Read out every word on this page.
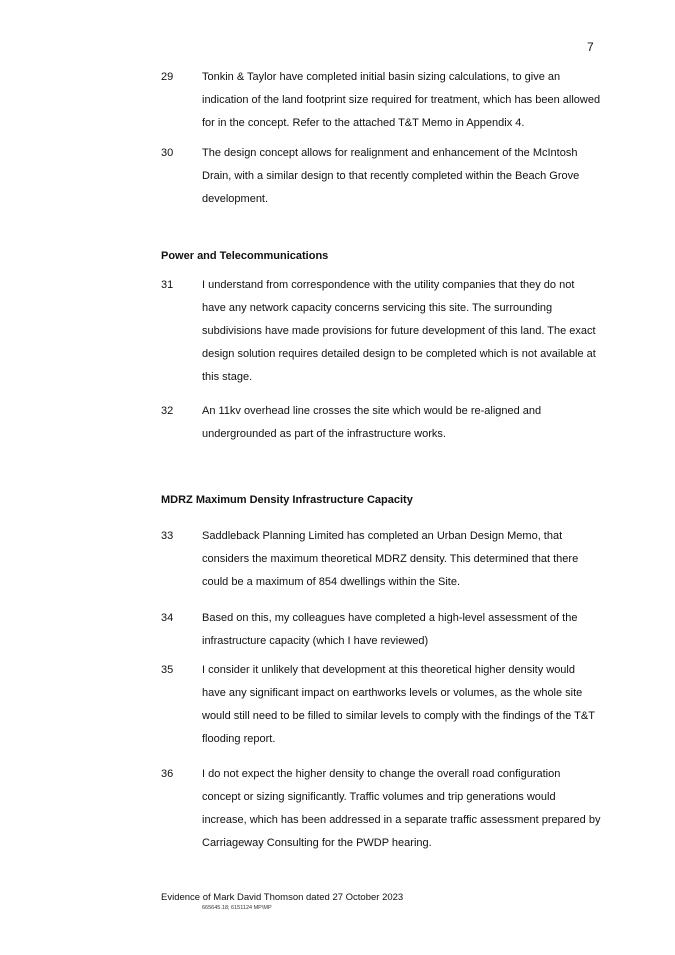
7
29	Tonkin & Taylor have completed initial basin sizing calculations, to give an indication of the land footprint size required for treatment, which has been allowed for in the concept. Refer to the attached T&T Memo in Appendix 4.
30	The design concept allows for realignment and enhancement of the McIntosh Drain, with a similar design to that recently completed within the Beach Grove development.
Power and Telecommunications
31	I understand from correspondence with the utility companies that they do not have any network capacity concerns servicing this site. The surrounding subdivisions have made provisions for future development of this land. The exact design solution requires detailed design to be completed which is not available at this stage.
32	An 11kv overhead line crosses the site which would be re-aligned and undergrounded as part of the infrastructure works.
MDRZ Maximum Density Infrastructure Capacity
33	Saddleback Planning Limited has completed an Urban Design Memo, that considers the maximum theoretical MDRZ density. This determined that there could be a maximum of 854 dwellings within the Site.
34	Based on this, my colleagues have completed a high-level assessment of the infrastructure capacity (which I have reviewed)
35	I consider it unlikely that development at this theoretical higher density would have any significant impact on earthworks levels or volumes, as the whole site would still need to be filled to similar levels to comply with the findings of the T&T flooding report.
36	I do not expect the higher density to change the overall road configuration concept or sizing significantly. Traffic volumes and trip generations would increase, which has been addressed in a separate traffic assessment prepared by Carriageway Consulting for the PWDP hearing.
Evidence of Mark David Thomson dated 27 October 2023
665645.18; 6151124 MP\MP
